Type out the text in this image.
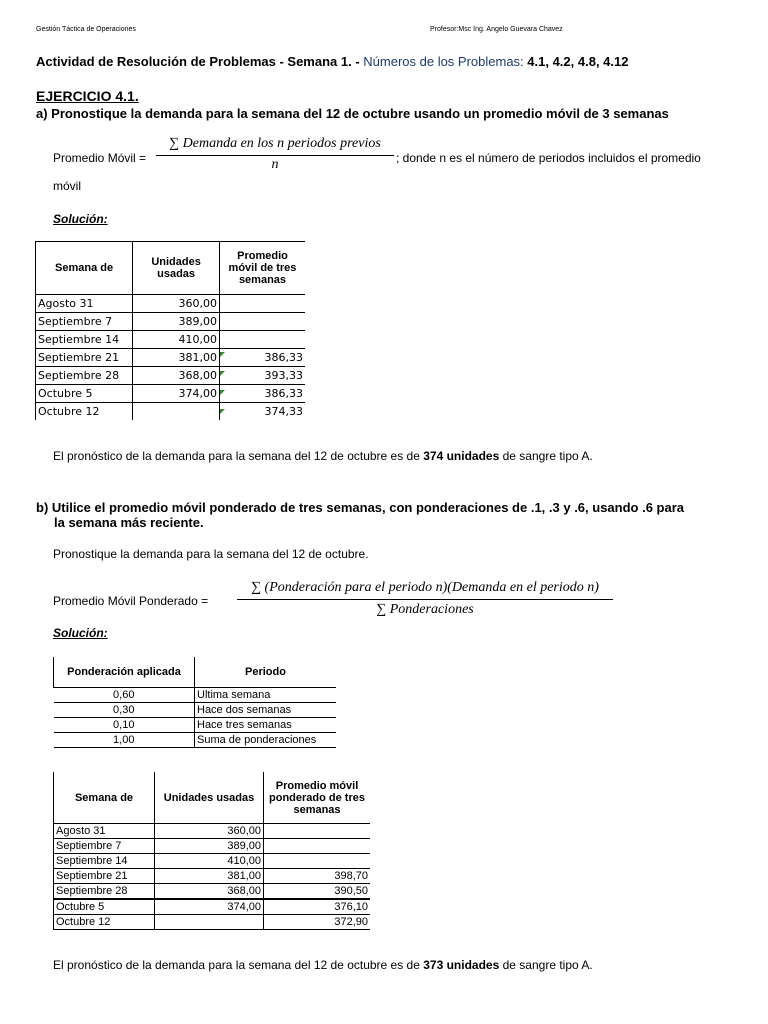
Gestión Táctica de Operaciones	Profesor:Msc Ing. Angelo Guevara Chavez
Actividad de Resolución de Problemas - Semana 1. - Números de los Problemas: 4.1, 4.2, 4.8, 4.12
EJERCICIO 4.1.
a) Pronostique la demanda para la semana del 12 de octubre usando un promedio móvil de 3 semanas
Promedio Móvil =
∑ Demanda en los n periodos previos
n	; donde n es el número de periodos incluidos el promedio
móvil
Solución:
Semana de	Unidades usadas	Promedio móvil de tres semanas
Agosto 31	360,00	
Septiembre 7	389,00	
Septiembre 14	410,00	
Septiembre 21	381,00	386,33
Septiembre 28	368,00	393,33
Octubre 5	374,00	386,33
Octubre 12		374,33
El pronóstico de la demanda para la semana del 12 de octubre es de 374 unidades de sangre tipo A.
b) Utilice el promedio móvil ponderado de tres semanas, con ponderaciones de .1, .3 y .6, usando .6 para
la semana más reciente.
Pronostique la demanda para la semana del 12 de octubre.
Promedio Móvil Ponderado =
∑ (Ponderación para el periodo n)(Demanda en el periodo n)
∑ Ponderaciones
Solución:
Ponderación aplicada	Periodo
0,60	Ultima semana
0,30	Hace dos semanas
0,10	Hace tres semanas
1,00	Suma de ponderaciones
Semana de	Unidades usadas	Promedio móvil ponderado de tres semanas
Agosto 31	360,00	
Septiembre 7	389,00	
Septiembre 14	410,00	
Septiembre 21	381,00	398,70
Septiembre 28	368,00	390,50
Octubre 5	374,00	376,10
Octubre 12		372,90
El pronóstico de la demanda para la semana del 12 de octubre es de 373 unidades de sangre tipo A.
